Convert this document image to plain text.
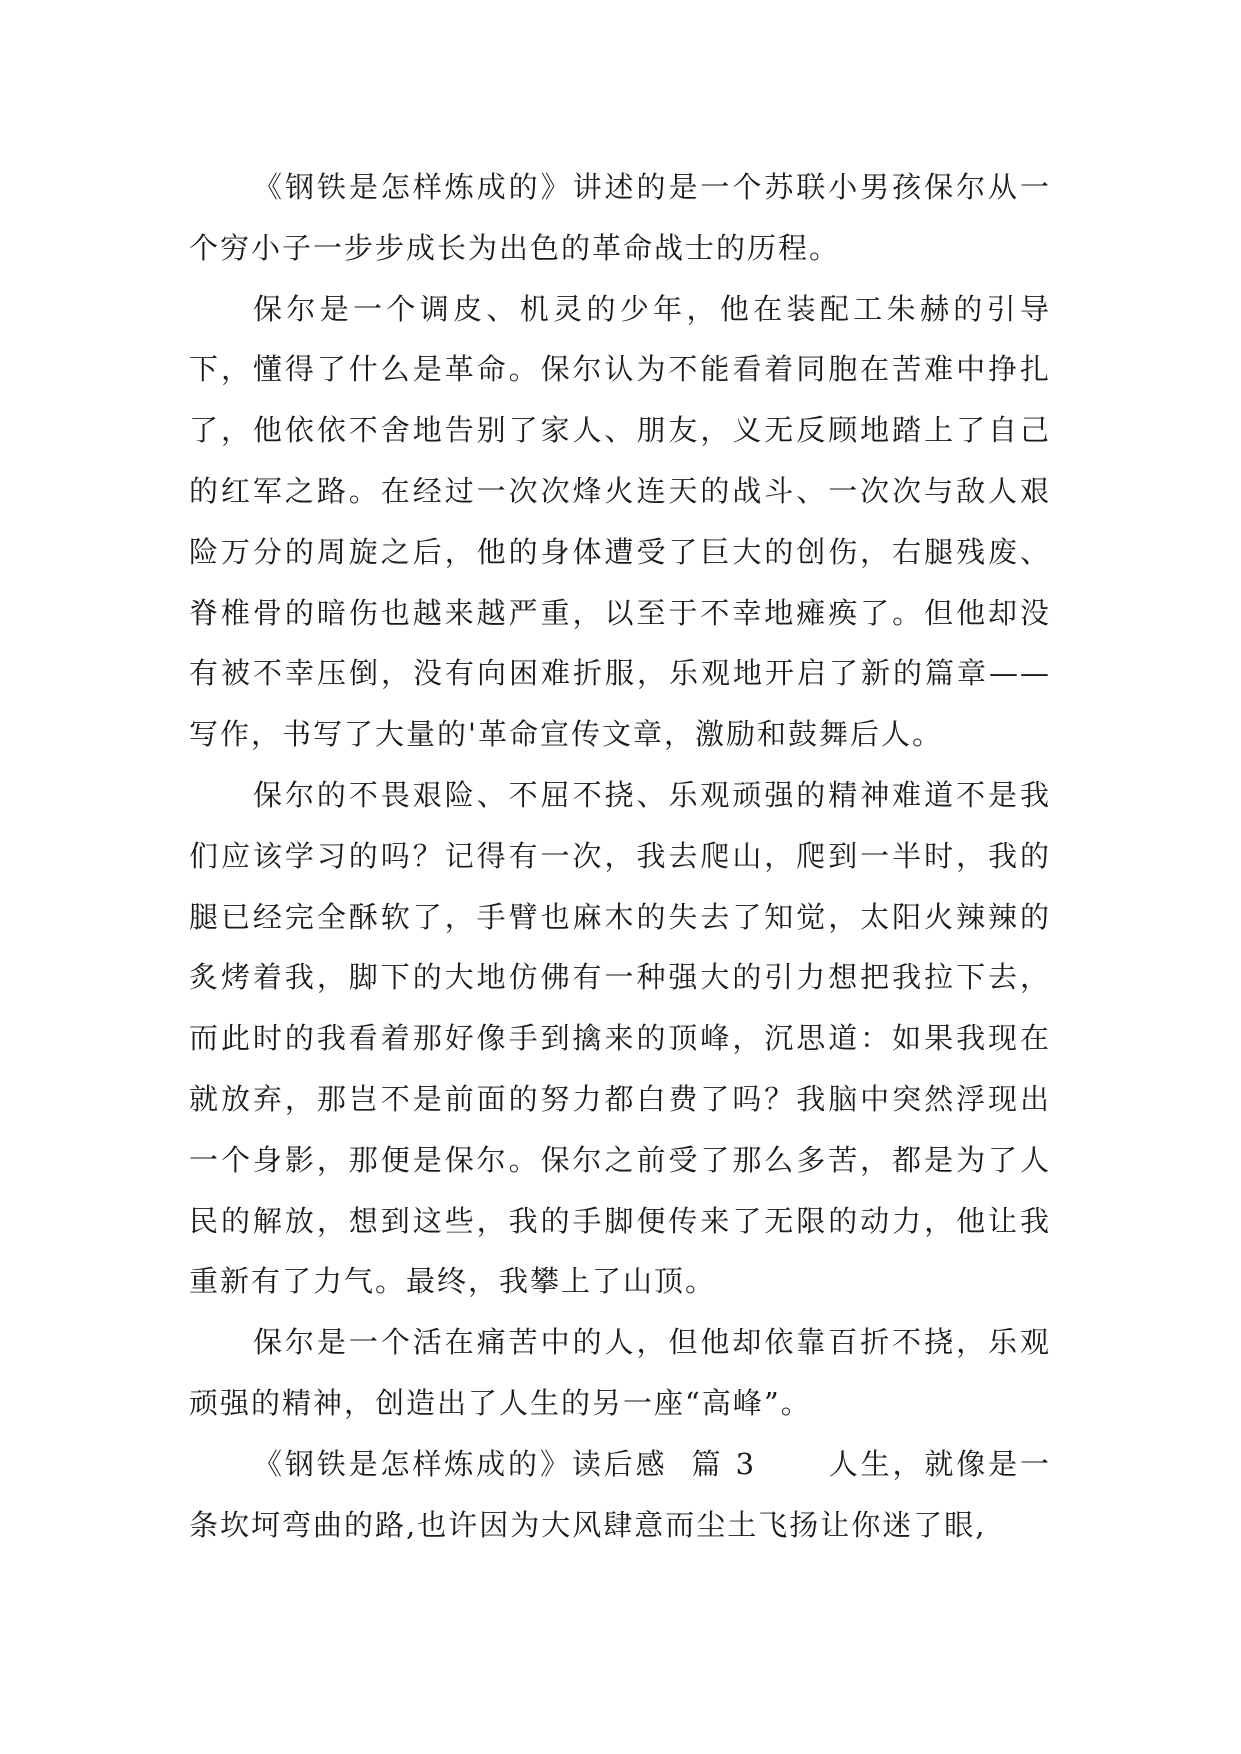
《钢铁是怎样炼成的》讲述的是一个苏联小男孩保尔从一个穷小子一步步成长为出色的革命战士的历程。

保尔是一个调皮、机灵的少年，他在装配工朱赫的引导下，懂得了什么是革命。保尔认为不能看着同胞在苦难中挣扎了，他依依不舍地告别了家人、朋友，义无反顾地踏上了自己的红军之路。在经过一次次烽火连天的战斗、一次次与敌人艰险万分的周旋之后，他的身体遭受了巨大的创伤，右腿残废、脊椎骨的暗伤也越来越严重，以至于不幸地瘫痪了。但他却没有被不幸压倒，没有向困难折服，乐观地开启了新的篇章——写作，书写了大量的'革命宣传文章，激励和鼓舞后人。

保尔的不畏艰险、不屈不挠、乐观顽强的精神难道不是我们应该学习的吗？记得有一次，我去爬山，爬到一半时，我的腿已经完全酥软了，手臂也麻木的失去了知觉，太阳火辣辣的炙烤着我，脚下的大地仿佛有一种强大的引力想把我拉下去，而此时的我看着那好像手到擒来的顶峰，沉思道：如果我现在就放弃，那岂不是前面的努力都白费了吗？我脑中突然浮现出一个身影，那便是保尔。保尔之前受了那么多苦，都是为了人民的解放，想到这些，我的手脚便传来了无限的动力，他让我重新有了力气。最终，我攀上了山顶。

保尔是一个活在痛苦中的人，但他却依靠百折不挠，乐观顽强的精神，创造出了人生的另一座“高峰”。

《钢铁是怎样炼成的》读后感  篇 3      人生，就像是一条坎坷弯曲的路,也许因为大风肆意而尘土飞扬让你迷了眼,
